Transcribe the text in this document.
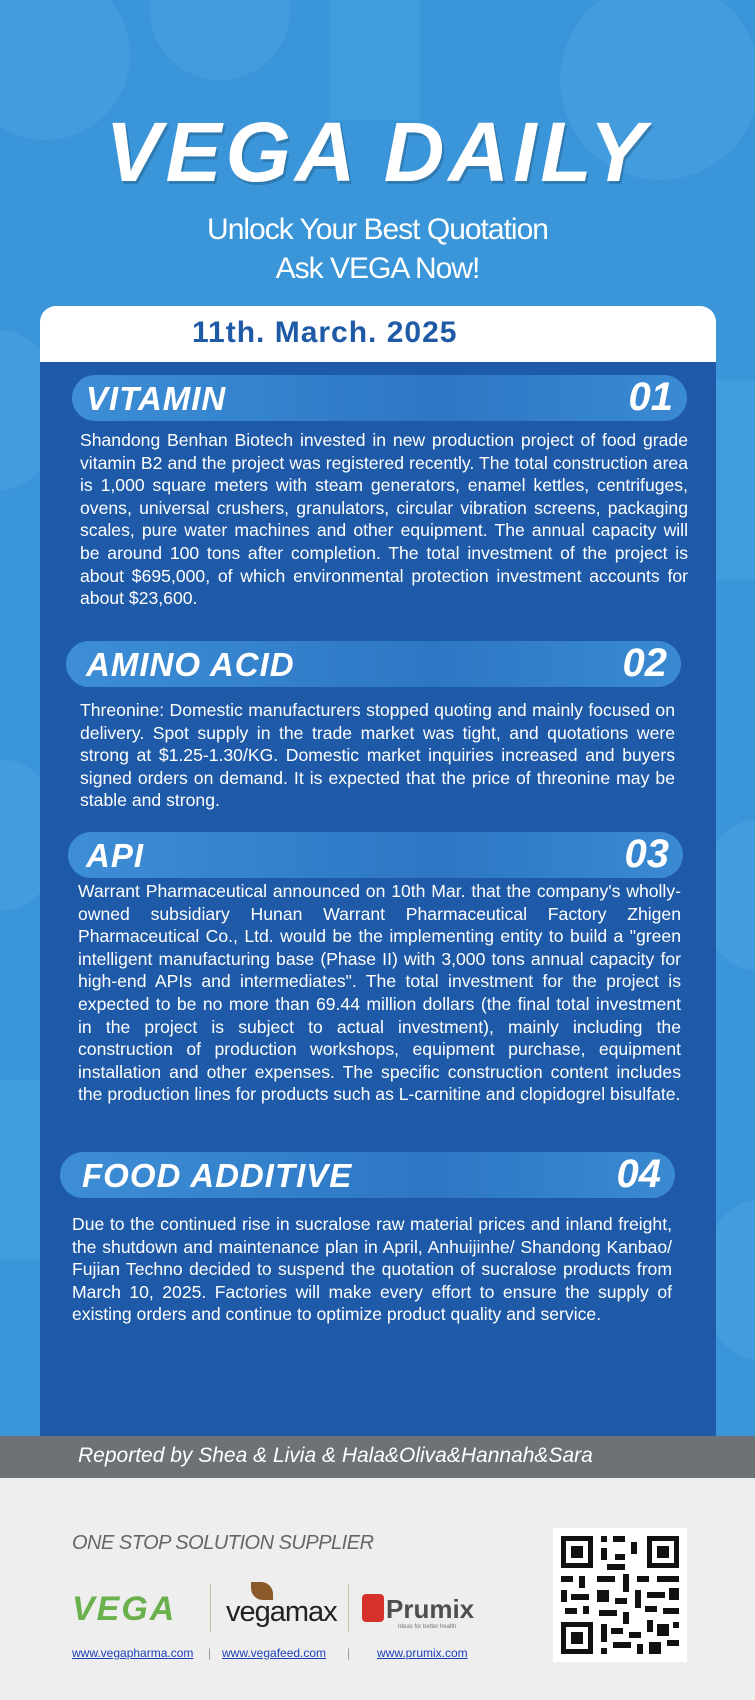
VEGA DAILY
Unlock Your Best Quotation
Ask VEGA Now!
11th. March. 2025
VITAMIN	01
Shandong Benhan Biotech invested in new production project of food grade vitamin B2 and the project was registered recently. The total construction area is 1,000 square meters with steam generators, enamel kettles, centrifuges, ovens, universal crushers, granulators, circular vibration screens, packaging scales, pure water machines and other equipment. The annual capacity will be around 100 tons after completion. The total investment of the project is about $695,000, of which environmental protection investment accounts for about $23,600.
AMINO ACID	02
Threonine: Domestic manufacturers stopped quoting and mainly focused on delivery. Spot supply in the trade market was tight, and quotations were strong at $1.25-1.30/KG. Domestic market inquiries increased and buyers signed orders on demand. It is expected that the price of threonine may be stable and strong.
API	03
Warrant Pharmaceutical announced on 10th Mar. that the company's wholly-owned subsidiary Hunan Warrant Pharmaceutical Factory Zhigen Pharmaceutical Co., Ltd. would be the implementing entity to build a "green intelligent manufacturing base (Phase II) with 3,000 tons annual capacity for high-end APIs and intermediates". The total investment for the project is expected to be no more than 69.44 million dollars (the final total investment in the project is subject to actual investment), mainly including the construction of production workshops, equipment purchase, equipment installation and other expenses. The specific construction content includes the production lines for products such as L-carnitine and clopidogrel bisulfate.
FOOD ADDITIVE	04
Due to the continued rise in sucralose raw material prices and inland freight, the shutdown and maintenance plan in April, Anhuijinhe/ Shandong Kanbao/ Fujian Techno decided to suspend the quotation of sucralose products from March 10, 2025. Factories will make every effort to ensure the supply of existing orders and continue to optimize product quality and service.
Reported by Shea & Livia & Hala&Oliva&Hannah&Sara
ONE STOP SOLUTION SUPPLIER
VEGA vegamax Prumix
Ideas for better health
www.vegapharma.com | www.vegafeed.com | www.prumix.com
